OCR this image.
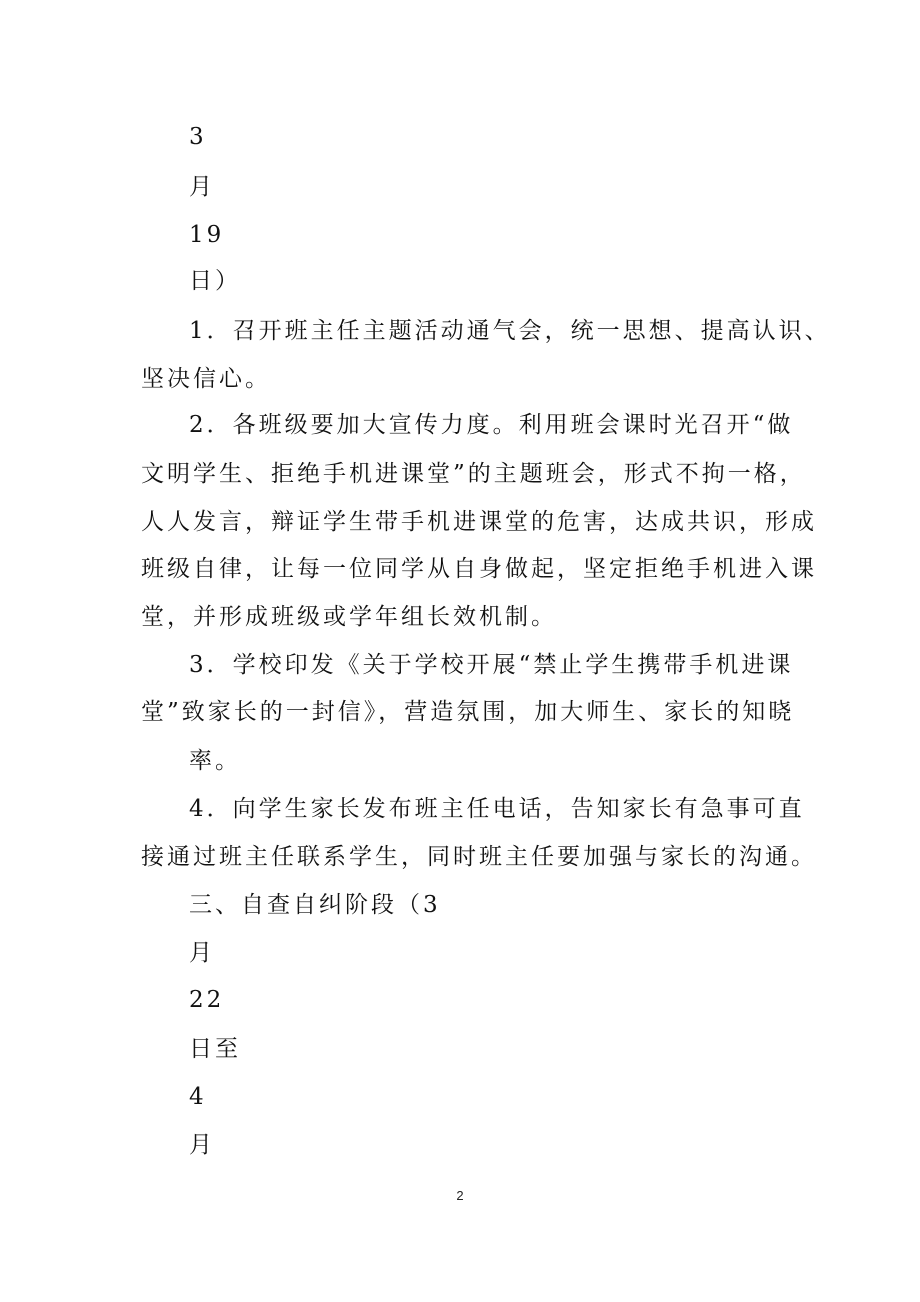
3
月
19
日）
1．召开班主任主题活动通气会，统一思想、提高认识、
坚决信心。
2．各班级要加大宣传力度。利用班会课时光召开“做
文明学生、拒绝手机进课堂”的主题班会，形式不拘一格，
人人发言，辩证学生带手机进课堂的危害，达成共识，形成
班级自律，让每一位同学从自身做起，坚定拒绝手机进入课
堂，并形成班级或学年组长效机制。
3．学校印发《关于学校开展“禁止学生携带手机进课
堂”致家长的一封信》，营造氛围，加大师生、家长的知晓
率。
4．向学生家长发布班主任电话，告知家长有急事可直
接通过班主任联系学生，同时班主任要加强与家长的沟通。
三、自查自纠阶段（3
月
22
日至
4
月
2
